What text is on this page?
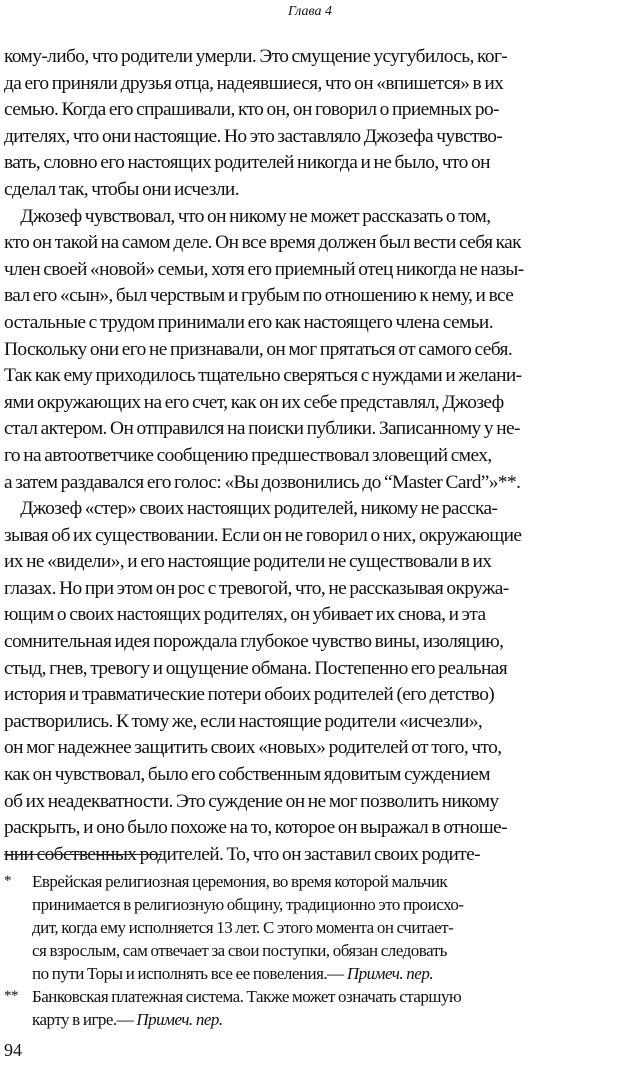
Глава 4
кому-либо, что родители умерли. Это смущение усугубилось, ког-
да его приняли друзья отца, надеявшиеся, что он «впишется» в их
семью. Когда его спрашивали, кто он, он говорил о приемных ро-
дителях, что они настоящие. Но это заставляло Джозефа чувство-
вать, словно его настоящих родителей никогда и не было, что он
сделал так, чтобы они исчезли.
Джозеф чувствовал, что он никому не может рассказать о том,
кто он такой на самом деле. Он все время должен был вести себя как
член своей «новой» семьи, хотя его приемный отец никогда не назы-
вал его «сын», был черствым и грубым по отношению к нему, и все
остальные с трудом принимали его как настоящего члена семьи.
Поскольку они его не признавали, он мог прятаться от самого себя.
Так как ему приходилось тщательно сверяться с нуждами и желани-
ями окружающих на его счет, как он их себе представлял, Джозеф
стал актером. Он отправился на поиски публики. Записанному у не-
го на автоответчике сообщению предшествовал зловещий смех,
а затем раздавался его голос: «Вы дозвонились до “Master Card”»**.
Джозеф «стер» своих настоящих родителей, никому не расска-
зывая об их существовании. Если он не говорил о них, окружающие
их не «видели», и его настоящие родители не существовали в их
глазах. Но при этом он рос с тревогой, что, не рассказывая окружа-
ющим о своих настоящих родителях, он убивает их снова, и эта
сомнительная идея порождала глубокое чувство вины, изоляцию,
стыд, гнев, тревогу и ощущение обмана. Постепенно его реальная
история и травматические потери обоих родителей (его детство)
растворились. К тому же, если настоящие родители «исчезли»,
он мог надежнее защитить своих «новых» родителей от того, что,
как он чувствовал, было его собственным ядовитым суждением
об их неадекватности. Это суждение он не мог позволить никому
раскрыть, и оно было похоже на то, которое он выражал в отноше-
нии собственных родителей. То, что он заставил своих родите-
*	Еврейская религиозная церемония, во время которой мальчик
принимается в религиозную общину, традиционно это происхо-
дит, когда ему исполняется 13 лет. С этого момента он считает-
ся взрослым, сам отвечает за свои поступки, обязан следовать
по пути Торы и исполнять все ее повеления.— Примеч. пер.
** Банковская платежная система. Также может означать старшую
карту в игре.— Примеч. пер.
94
